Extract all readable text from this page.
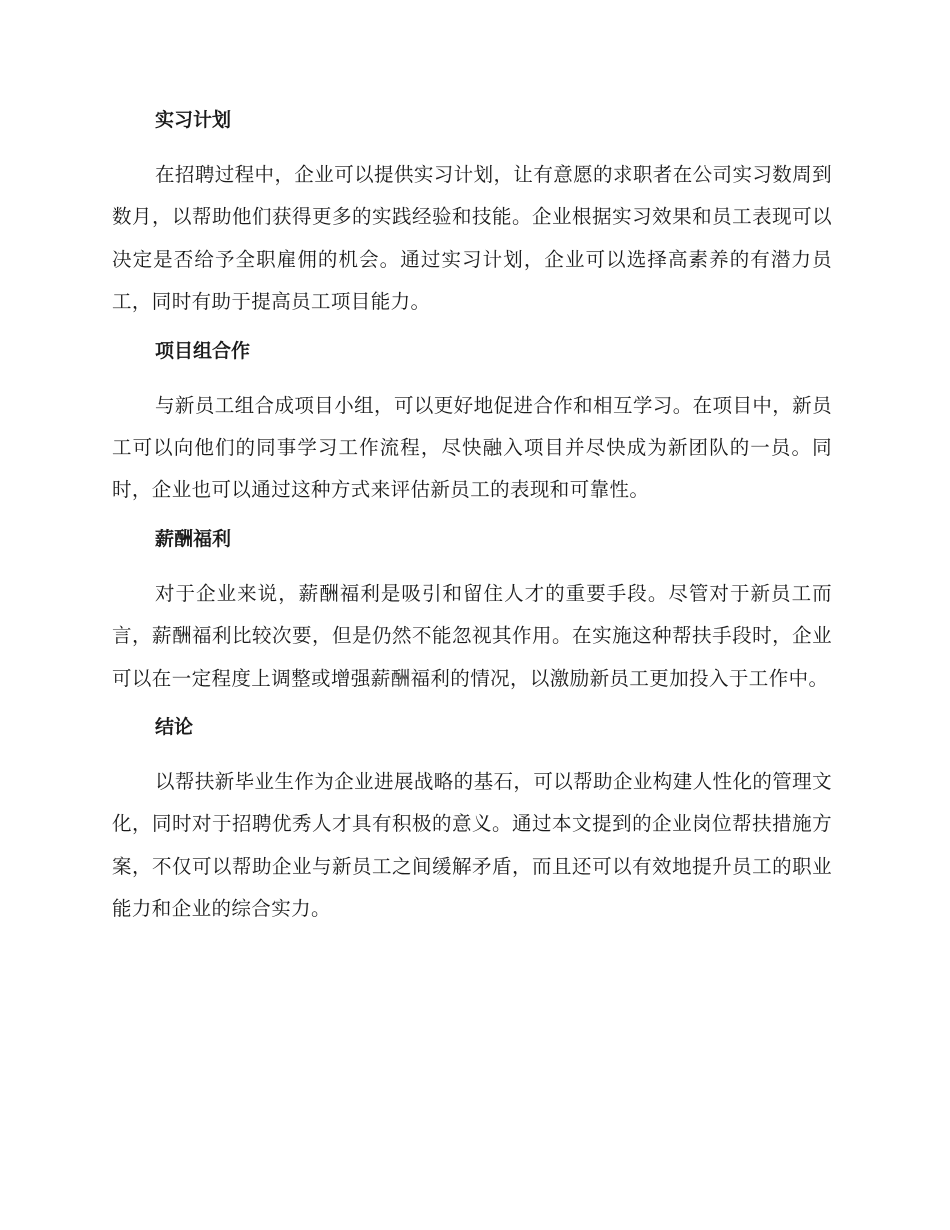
实习计划

在招聘过程中，企业可以提供实习计划，让有意愿的求职者在公司实习数周到数月，以帮助他们获得更多的实践经验和技能。企业根据实习效果和员工表现可以决定是否给予全职雇佣的机会。通过实习计划，企业可以选择高素养的有潜力员工，同时有助于提高员工项目能力。

项目组合作

与新员工组合成项目小组，可以更好地促进合作和相互学习。在项目中，新员工可以向他们的同事学习工作流程，尽快融入项目并尽快成为新团队的一员。同时，企业也可以通过这种方式来评估新员工的表现和可靠性。

薪酬福利

对于企业来说，薪酬福利是吸引和留住人才的重要手段。尽管对于新员工而言，薪酬福利比较次要，但是仍然不能忽视其作用。在实施这种帮扶手段时，企业可以在一定程度上调整或增强薪酬福利的情况，以激励新员工更加投入于工作中。

结论

以帮扶新毕业生作为企业进展战略的基石，可以帮助企业构建人性化的管理文化，同时对于招聘优秀人才具有积极的意义。通过本文提到的企业岗位帮扶措施方案，不仅可以帮助企业与新员工之间缓解矛盾，而且还可以有效地提升员工的职业能力和企业的综合实力。
